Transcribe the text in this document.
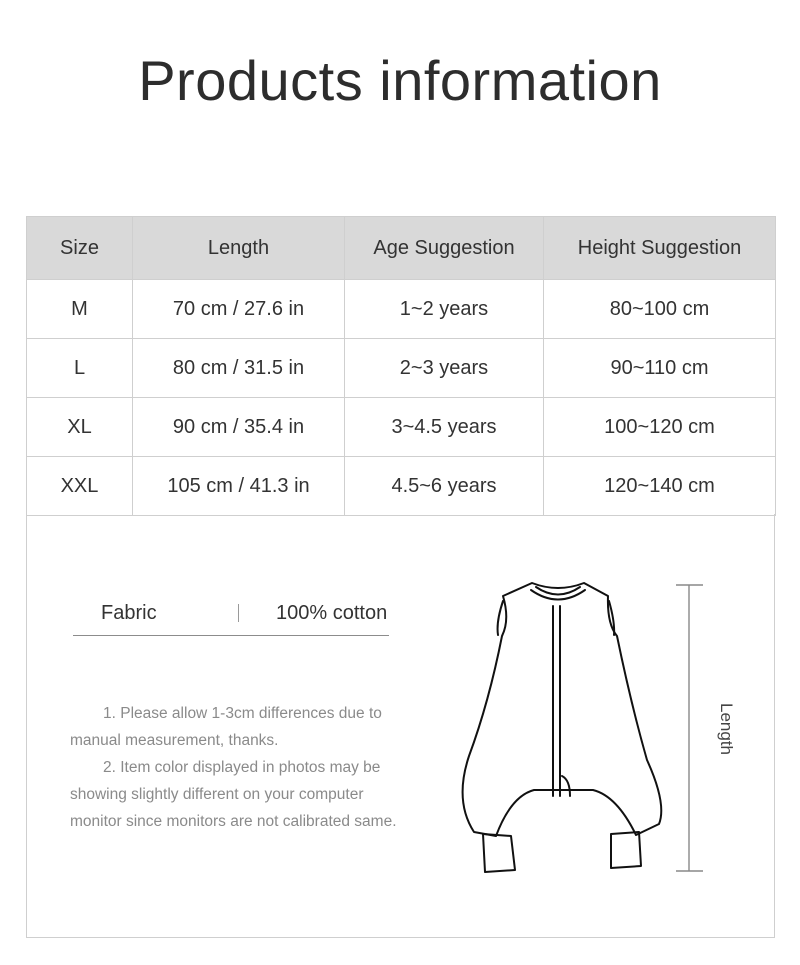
Products information
Size	Length	Age Suggestion	Height Suggestion
M	70 cm / 27.6 in	1~2 years	80~100 cm
L	80 cm / 31.5 in	2~3 years	90~110 cm
XL	90 cm / 35.4 in	3~4.5 years	100~120 cm
XXL	105 cm / 41.3 in	4.5~6 years	120~140 cm
Fabric	100% cotton

1. Please allow 1-3cm differences due to manual measurement, thanks.

2. Item color displayed in photos may be showing slightly different on your computer monitor since monitors are not calibrated same.

Length
